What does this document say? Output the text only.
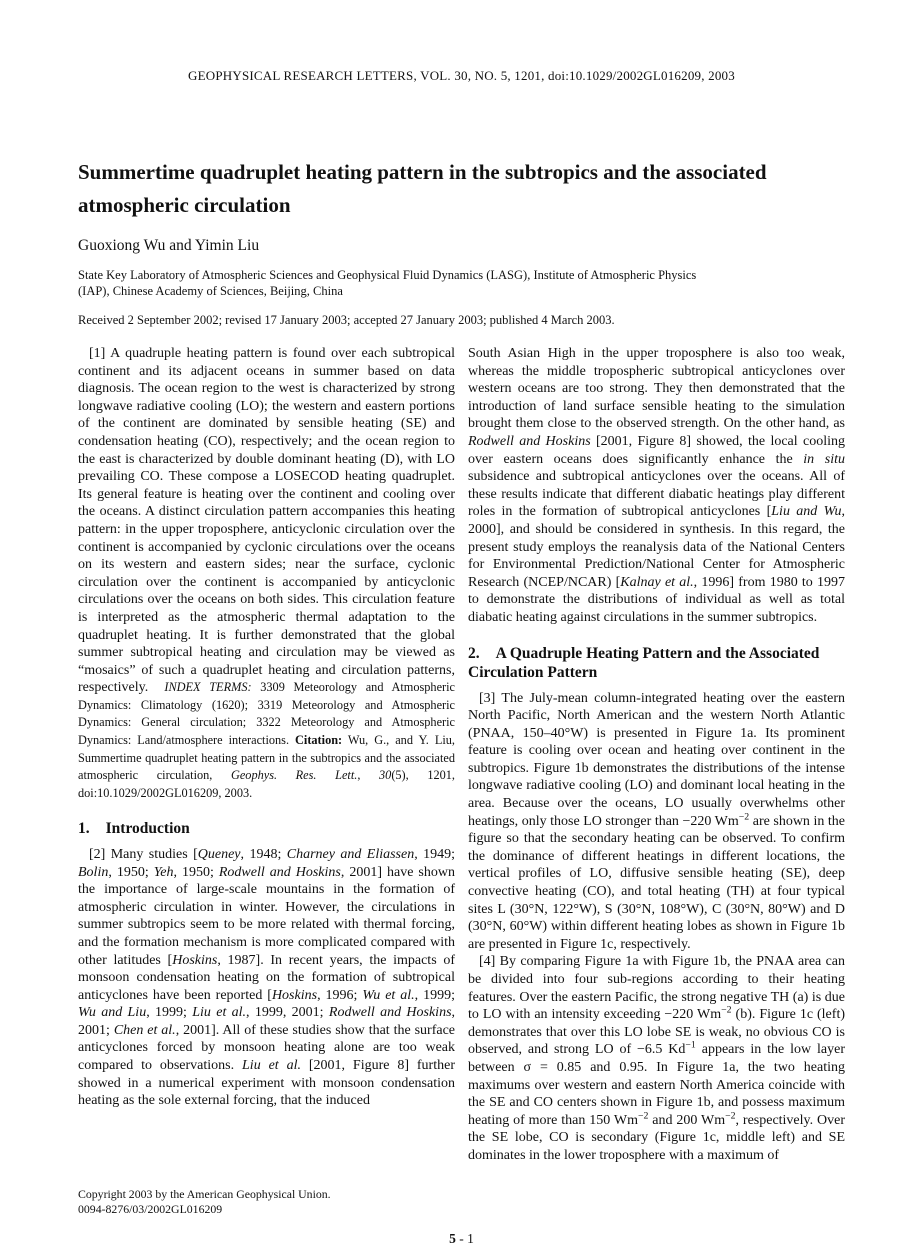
GEOPHYSICAL RESEARCH LETTERS, VOL. 30, NO. 5, 1201, doi:10.1029/2002GL016209, 2003
Summertime quadruplet heating pattern in the subtropics and the associated atmospheric circulation
Guoxiong Wu and Yimin Liu
State Key Laboratory of Atmospheric Sciences and Geophysical Fluid Dynamics (LASG), Institute of Atmospheric Physics (IAP), Chinese Academy of Sciences, Beijing, China
Received 2 September 2002; revised 17 January 2003; accepted 27 January 2003; published 4 March 2003.

[1] A quadruple heating pattern is found over each subtropical continent and its adjacent oceans in summer based on data diagnosis. The ocean region to the west is characterized by strong longwave radiative cooling (LO); the western and eastern portions of the continent are dominated by sensible heating (SE) and condensation heating (CO), respectively; and the ocean region to the east is characterized by double dominant heating (D), with LO prevailing CO. These compose a LOSECOD heating quadruplet. Its general feature is heating over the continent and cooling over the oceans. A distinct circulation pattern accompanies this heating pattern: in the upper troposphere, anticyclonic circulation over the continent is accompanied by cyclonic circulations over the oceans on its western and eastern sides; near the surface, cyclonic circulation over the continent is accompanied by anticyclonic circulations over the oceans on both sides. This circulation feature is interpreted as the atmospheric thermal adaptation to the quadruplet heating. It is further demonstrated that the global summer subtropical heating and circulation may be viewed as “mosaics” of such a quadruplet heating and circulation patterns, respectively.  INDEX TERMS: 3309 Meteorology and Atmospheric Dynamics: Climatology (1620); 3319 Meteorology and Atmospheric Dynamics: General circulation; 3322 Meteorology and Atmospheric Dynamics: Land/atmosphere interactions. Citation: Wu, G., and Y. Liu, Summertime quadruplet heating pattern in the subtropics and the associated atmospheric circulation, Geophys. Res. Lett., 30(5), 1201, doi:10.1029/2002GL016209, 2003.

1. Introduction

[2] Many studies [Queney, 1948; Charney and Eliassen, 1949; Bolin, 1950; Yeh, 1950; Rodwell and Hoskins, 2001] have shown the importance of large-scale mountains in the formation of atmospheric circulation in winter. However, the circulations in summer subtropics seem to be more related with thermal forcing, and the formation mechanism is more complicated compared with other latitudes [Hoskins, 1987]. In recent years, the impacts of monsoon condensation heating on the formation of subtropical anticyclones have been reported [Hoskins, 1996; Wu et al., 1999; Wu and Liu, 1999; Liu et al., 1999, 2001; Rodwell and Hoskins, 2001; Chen et al., 2001]. All of these studies show that the surface anticyclones forced by monsoon heating alone are too weak compared to observations. Liu et al. [2001, Figure 8] further showed in a numerical experiment with monsoon condensation heating as the sole external forcing, that the induced

Copyright 2003 by the American Geophysical Union.
0094-8276/03/2002GL016209

South Asian High in the upper troposphere is also too weak, whereas the middle tropospheric subtropical anticyclones over western oceans are too strong. They then demonstrated that the introduction of land surface sensible heating to the simulation brought them close to the observed strength. On the other hand, as Rodwell and Hoskins [2001, Figure 8] showed, the local cooling over eastern oceans does significantly enhance the in situ subsidence and subtropical anticyclones over the oceans. All of these results indicate that different diabatic heatings play different roles in the formation of subtropical anticyclones [Liu and Wu, 2000], and should be considered in synthesis. In this regard, the present study employs the reanalysis data of the National Centers for Environmental Prediction/National Center for Atmospheric Research (NCEP/NCAR) [Kalnay et al., 1996] from 1980 to 1997 to demonstrate the distributions of individual as well as total diabatic heating against circulations in the summer subtropics.

2. A Quadruple Heating Pattern and the Associated Circulation Pattern

[3] The July-mean column-integrated heating over the eastern North Pacific, North American and the western North Atlantic (PNAA, 150–40°W) is presented in Figure 1a. Its prominent feature is cooling over ocean and heating over continent in the subtropics. Figure 1b demonstrates the distributions of the intense longwave radiative cooling (LO) and dominant local heating in the area. Because over the oceans, LO usually overwhelms other heatings, only those LO stronger than −220 $Wm^{-2}$ are shown in the figure so that the secondary heating can be observed. To confirm the dominance of different heatings in different locations, the vertical profiles of LO, diffusive sensible heating (SE), deep convective heating (CO), and total heating (TH) at four typical sites L (30°N, 122°W), S (30°N, 108°W), C (30°N, 80°W) and D (30°N, 60°W) within different heating lobes as shown in Figure 1b are presented in Figure 1c, respectively.

[4] By comparing Figure 1a with Figure 1b, the PNAA area can be divided into four sub-regions according to their heating features. Over the eastern Pacific, the strong negative TH (a) is due to LO with an intensity exceeding −220 $Wm^{-2}$ (b). Figure 1c (left) demonstrates that over this LO lobe SE is weak, no obvious CO is observed, and strong LO of −6.5 $Kd^{-1}$ appears in the low layer between σ = 0.85 and 0.95. In Figure 1a, the two heating maximums over western and eastern North America coincide with the SE and CO centers shown in Figure 1b, and possess maximum heating of more than 150 $Wm^{-2}$ and 200 $Wm^{-2}$, respectively. Over the SE lobe, CO is secondary (Figure 1c, middle left) and SE dominates in the lower troposphere with a maximum of

5 - 1
